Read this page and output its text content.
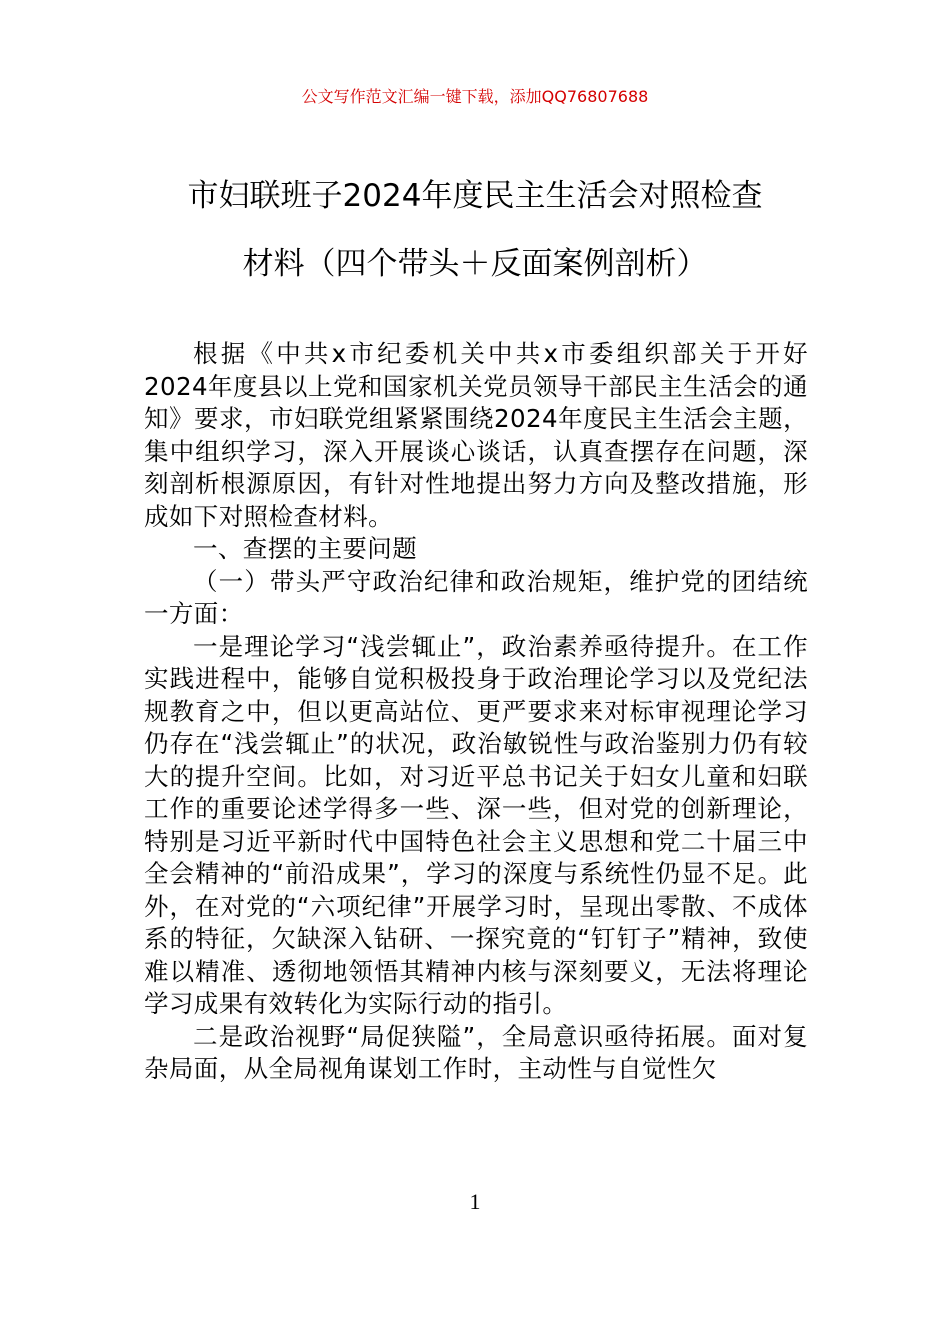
公文写作范文汇编一键下载，添加QQ76807688
市妇联班子2024年度民主生活会对照检查
材料（四个带头＋反面案例剖析）

根据《中共x市纪委机关中共x市委组织部关于开好2024年度县以上党和国家机关党员领导干部民主生活会的通知》要求，市妇联党组紧紧围绕2024年度民主生活会主题，集中组织学习，深入开展谈心谈话，认真查摆存在问题，深刻剖析根源原因，有针对性地提出努力方向及整改措施，形成如下对照检查材料。

一、查摆的主要问题

（一）带头严守政治纪律和政治规矩，维护党的团结统一方面：

一是理论学习“浅尝辄止”，政治素养亟待提升。在工作实践进程中，能够自觉积极投身于政治理论学习以及党纪法规教育之中，但以更高站位、更严要求来对标审视理论学习仍存在“浅尝辄止”的状况，政治敏锐性与政治鉴别力仍有较大的提升空间。比如，对习近平总书记关于妇女儿童和妇联工作的重要论述学得多一些、深一些，但对党的创新理论，特别是习近平新时代中国特色社会主义思想和党二十届三中全会精神的“前沿成果”，学习的深度与系统性仍显不足。此外，在对党的“六项纪律”开展学习时，呈现出零散、不成体系的特征，欠缺深入钻研、一探究竟的“钉钉子”精神，致使难以精准、透彻地领悟其精神内核与深刻要义，无法将理论学习成果有效转化为实际行动的指引。

二是政治视野“局促狭隘”，全局意识亟待拓展。面对复杂局面，从全局视角谋划工作时，主动性与自觉性欠

1
